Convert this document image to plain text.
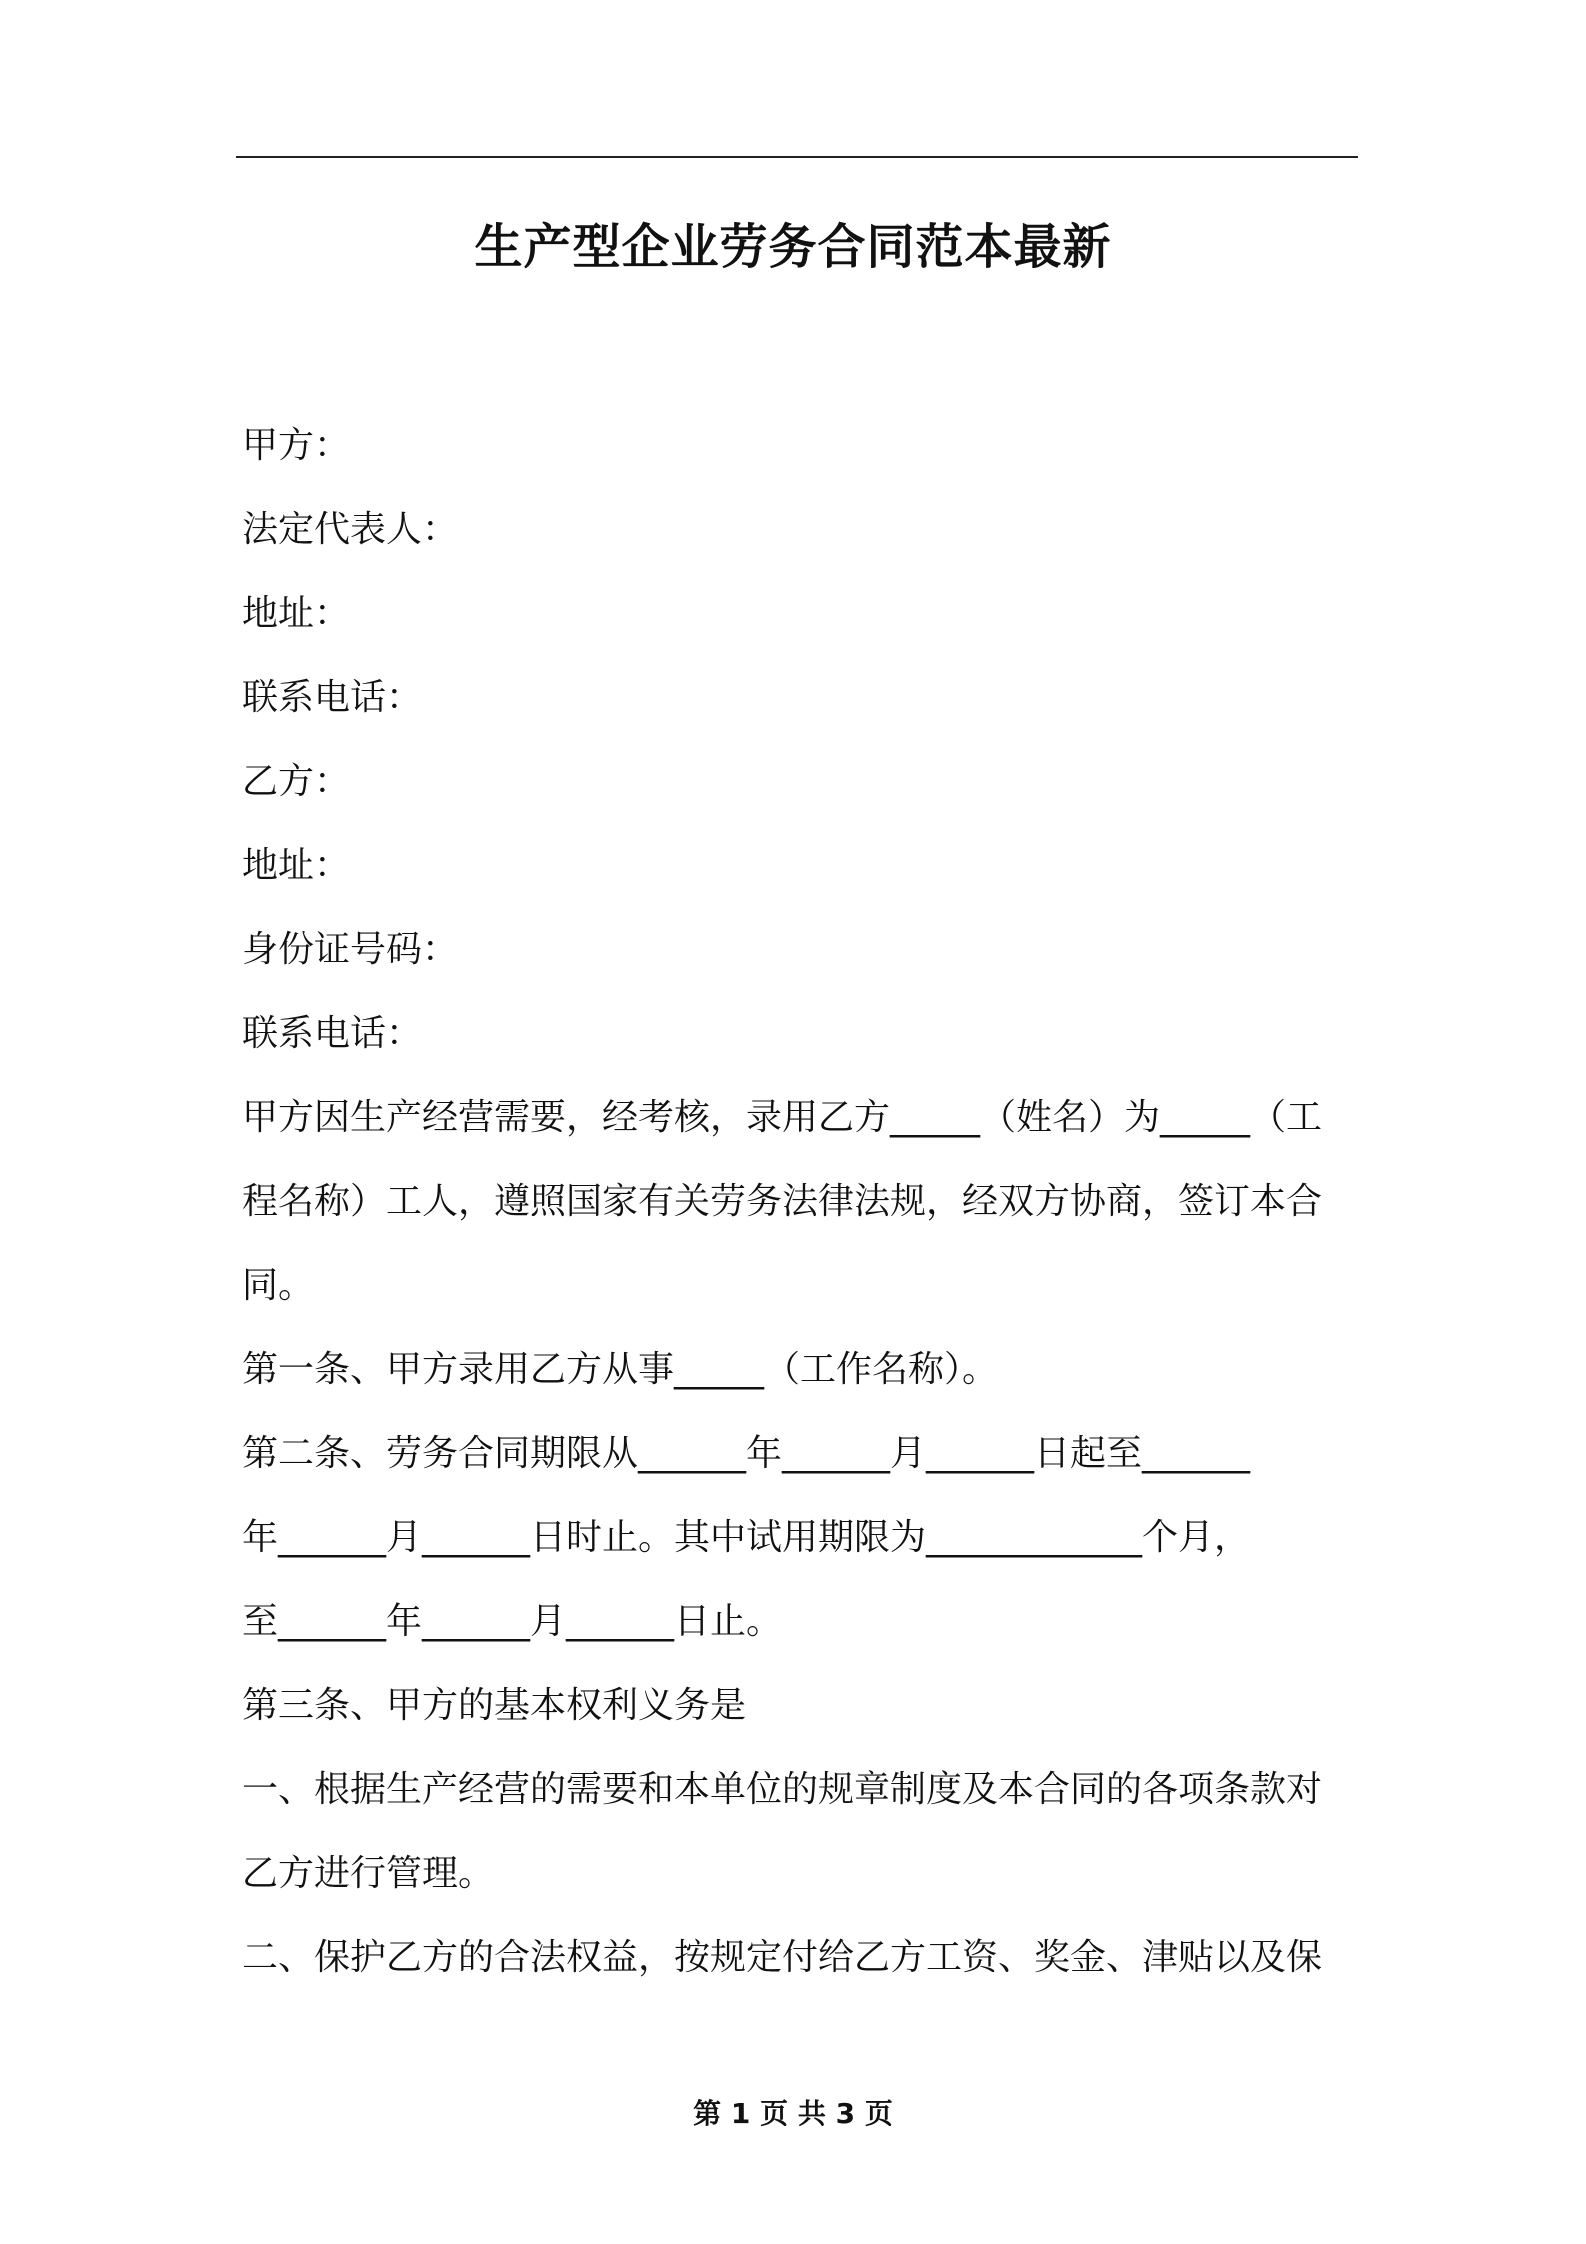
生产型企业劳务合同范本最新
甲方：
法定代表人：
地址：
联系电话：
乙方：
地址：
身份证号码：
联系电话：
甲方因生产经营需要，经考核，录用乙方_____（姓名）为_____（工
程名称）工人，遵照国家有关劳务法律法规，经双方协商，签订本合
同。
第一条、甲方录用乙方从事_____（工作名称）。
第二条、劳务合同期限从______年______月______日起至______
年______月______日时止。其中试用期限为____________个月，
至______年______月______日止。
第三条、甲方的基本权利义务是
一、根据生产经营的需要和本单位的规章制度及本合同的各项条款对
乙方进行管理。
二、保护乙方的合法权益，按规定付给乙方工资、奖金、津贴以及保
第 1 页 共 3 页
